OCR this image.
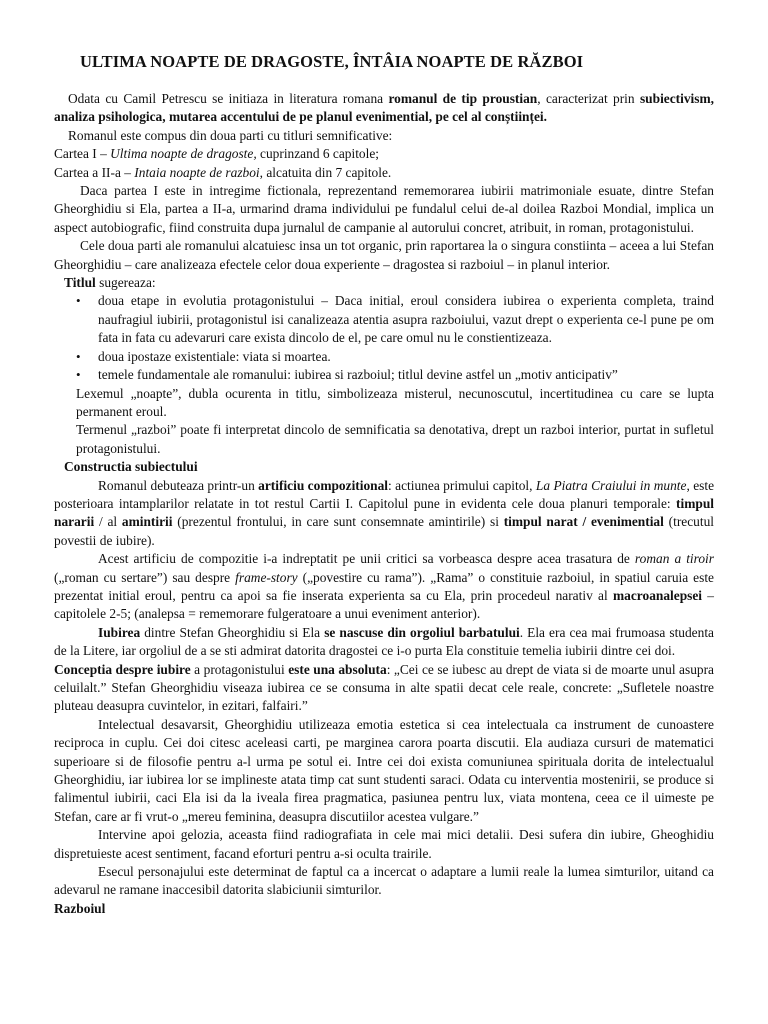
ULTIMA NOAPTE DE DRAGOSTE, ÎNTÂIA NOAPTE DE RĂZBOI

Odata cu Camil Petrescu se initiaza in literatura romana romanul de tip proustian, caracterizat prin subiectivism, analiza psihologica, mutarea accentului de pe planul evenimential, pe cel al conștiinței.

Romanul este compus din doua parti cu titluri semnificative:

Cartea I – Ultima noapte de dragoste, cuprinzand 6 capitole;

Cartea a II-a – Intaia noapte de razboi, alcatuita din 7 capitole.

Daca partea I este in intregime fictionala, reprezentand rememorarea iubirii matrimoniale esuate, dintre Stefan Gheorghidiu si Ela, partea a II-a, urmarind drama individului pe fundalul celui de-al doilea Razboi Mondial, implica un aspect autobiografic, fiind construita dupa jurnalul de campanie al autorului concret, atribuit, in roman, protagonistului.

Cele doua parti ale romanului alcatuiesc insa un tot organic, prin raportarea la o singura constiinta – aceea a lui Stefan Gheorghidiu – care analizeaza efectele celor doua experiente – dragostea si razboiul – in planul interior.

Titlul sugereaza:

• doua etape in evolutia protagonistului – Daca initial, eroul considera iubirea o experienta completa, traind naufragiul iubirii, protagonistul isi canalizeaza atentia asupra razboiului, vazut drept o experienta ce-l pune pe om fata in fata cu adevaruri care exista dincolo de el, pe care omul nu le constientizeaza.
• doua ipostaze existentiale: viata si moartea.
• temele fundamentale ale romanului: iubirea si razboiul; titlul devine astfel un „motiv anticipativ”

Lexemul „noapte”, dubla ocurenta in titlu, simbolizeaza misterul, necunoscutul, incertitudinea cu care se lupta permanent eroul.

Termenul „razboi” poate fi interpretat dincolo de semnificatia sa denotativa, drept un razboi interior, purtat in sufletul protagonistului.

Constructia subiectului

Romanul debuteaza printr-un artificiu compozitional: actiunea primului capitol, La Piatra Craiului in munte, este posterioara intamplarilor relatate in tot restul Cartii I. Capitolul pune in evidenta cele doua planuri temporale: timpul nararii / al amintirii (prezentul frontului, in care sunt consemnate amintirile) si timpul narat / evenimential (trecutul povestii de iubire).

Acest artificiu de compozitie i-a indreptatit pe unii critici sa vorbeasca despre acea trasatura de roman a tiroir („roman cu sertare”) sau despre frame-story („povestire cu rama”). „Rama” o constituie razboiul, in spatiul caruia este prezentat initial eroul, pentru ca apoi sa fie inserata experienta sa cu Ela, prin procedeul narativ al macroanalepsei – capitolele 2-5; (analepsa = rememorare fulgeratoare a unui eveniment anterior).

Iubirea dintre Stefan Gheorghidiu si Ela se nascuse din orgoliul barbatului. Ela era cea mai frumoasa studenta de la Litere, iar orgoliul de a se sti admirat datorita dragostei ce i-o purta Ela constituie temelia iubirii dintre cei doi.

Conceptia despre iubire a protagonistului este una absoluta: „Cei ce se iubesc au drept de viata si de moarte unul asupra celuilalt.” Stefan Gheorghidiu viseaza iubirea ce se consuma in alte spatii decat cele reale, concrete: „Sufletele noastre pluteau deasupra cuvintelor, in ezitari, falfairi.”

Intelectual desavarsit, Gheorghidiu utilizeaza emotia estetica si cea intelectuala ca instrument de cunoastere reciproca in cuplu. Cei doi citesc aceleasi carti, pe marginea carora poarta discutii. Ela audiaza cursuri de matematici superioare si de filosofie pentru a-l urma pe sotul ei. Intre cei doi exista comuniunea spirituala dorita de intelectualul Gheorghidiu, iar iubirea lor se implineste atata timp cat sunt studenti saraci. Odata cu interventia mostenirii, se produce si falimentul iubirii, caci Ela isi da la iveala firea pragmatica, pasiunea pentru lux, viata montena, ceea ce il uimeste pe Stefan, care ar fi vrut-o „mereu feminina, deasupra discutiilor acestea vulgare.”

Intervine apoi gelozia, aceasta fiind radiografiata in cele mai mici detalii. Desi sufera din iubire, Gheoghidiu dispretuieste acest sentiment, facand eforturi pentru a-si oculta trairile.

Esecul personajului este determinat de faptul ca a incercat o adaptare a lumii reale la lumea simturilor, uitand ca adevarul ne ramane inaccesibil datorita slabiciunii simturilor.

Razboiul
